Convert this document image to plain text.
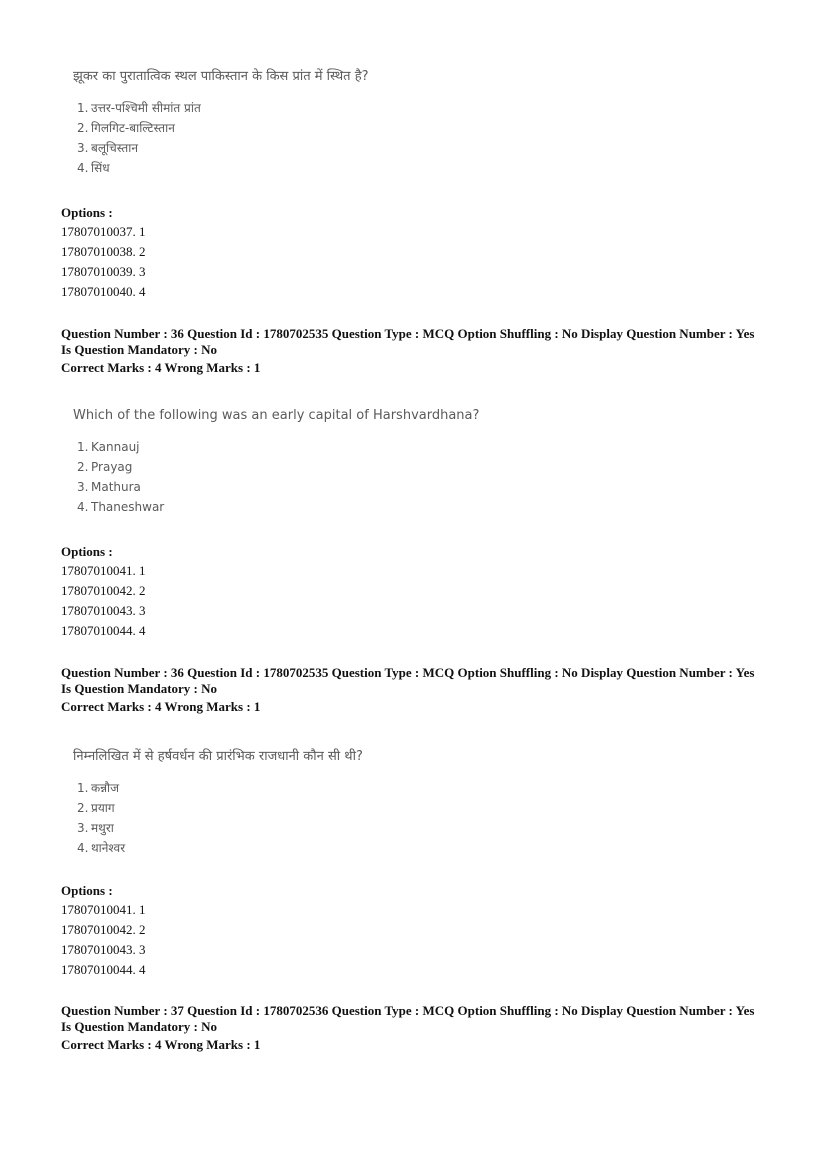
झूकर का पुरातात्विक स्थल पाकिस्तान के किस प्रांत में स्थित है?
1. उत्तर-पश्चिमी सीमांत प्रांत
2. गिलगिट-बाल्टिस्तान
3. बलूचिस्तान
4. सिंध
Options :
17807010037. 1
17807010038. 2
17807010039. 3
17807010040. 4
Question Number : 36 Question Id : 1780702535 Question Type : MCQ Option Shuffling : No Display Question Number : Yes
Is Question Mandatory : No
Correct Marks : 4 Wrong Marks : 1
Which of the following was an early capital of Harshvardhana?
1. Kannauj
2. Prayag
3. Mathura
4. Thaneshwar
Options :
17807010041. 1
17807010042. 2
17807010043. 3
17807010044. 4
Question Number : 36 Question Id : 1780702535 Question Type : MCQ Option Shuffling : No Display Question Number : Yes
Is Question Mandatory : No
Correct Marks : 4 Wrong Marks : 1
निम्नलिखित में से हर्षवर्धन की प्रारंभिक राजधानी कौन सी थी?
1. कन्नौज
2. प्रयाग
3. मथुरा
4. थानेश्वर
Options :
17807010041. 1
17807010042. 2
17807010043. 3
17807010044. 4
Question Number : 37 Question Id : 1780702536 Question Type : MCQ Option Shuffling : No Display Question Number : Yes
Is Question Mandatory : No
Correct Marks : 4 Wrong Marks : 1
